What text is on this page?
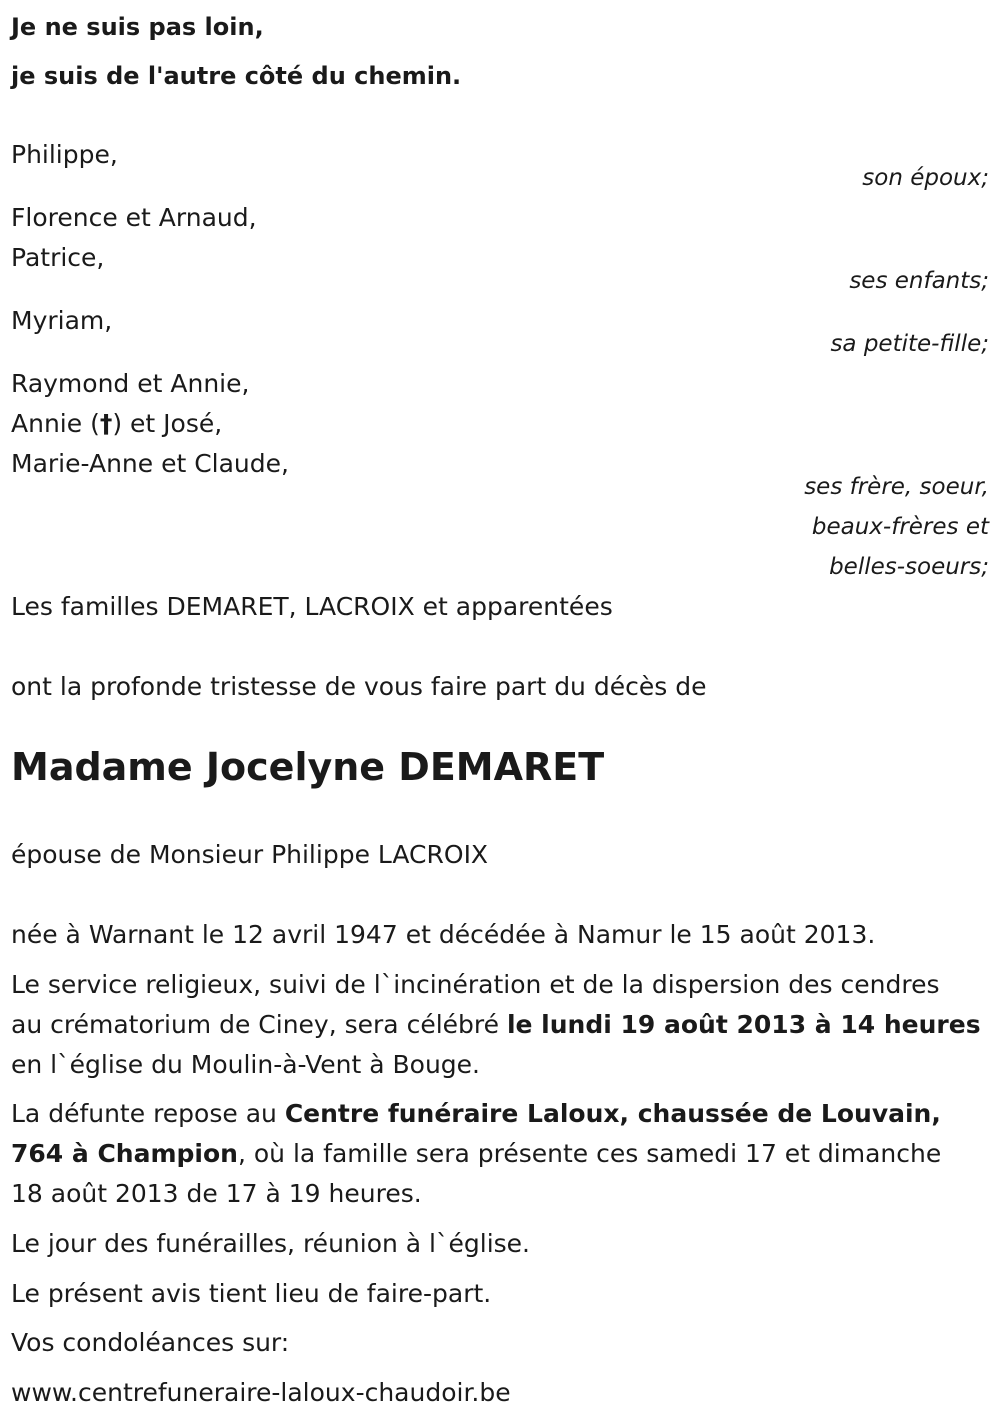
Je ne suis pas loin,
je suis de l'autre côté du chemin.
Philippe,
son époux;
Florence et Arnaud,
Patrice,
ses enfants;
Myriam,
sa petite-fille;
Raymond et Annie,
Annie (†) et José,
Marie-Anne et Claude,
ses frère, soeur,
beaux-frères et
belles-soeurs;
Les familles DEMARET, LACROIX et apparentées
ont la profonde tristesse de vous faire part du décès de
Madame Jocelyne DEMARET
épouse de Monsieur Philippe LACROIX
née à Warnant le 12 avril 1947 et décédée à Namur le 15 août 2013.
Le service religieux, suivi de l`incinération et de la dispersion des cendres
au crématorium de Ciney, sera célébré le lundi 19 août 2013 à 14 heures
en l`église du Moulin-à-Vent à Bouge.
La défunte repose au Centre funéraire Laloux, chaussée de Louvain,
764 à Champion, où la famille sera présente ces samedi 17 et dimanche
18 août 2013 de 17 à 19 heures.
Le jour des funérailles, réunion à l`église.
Le présent avis tient lieu de faire-part.
Vos condoléances sur:
www.centrefuneraire-laloux-chaudoir.be
